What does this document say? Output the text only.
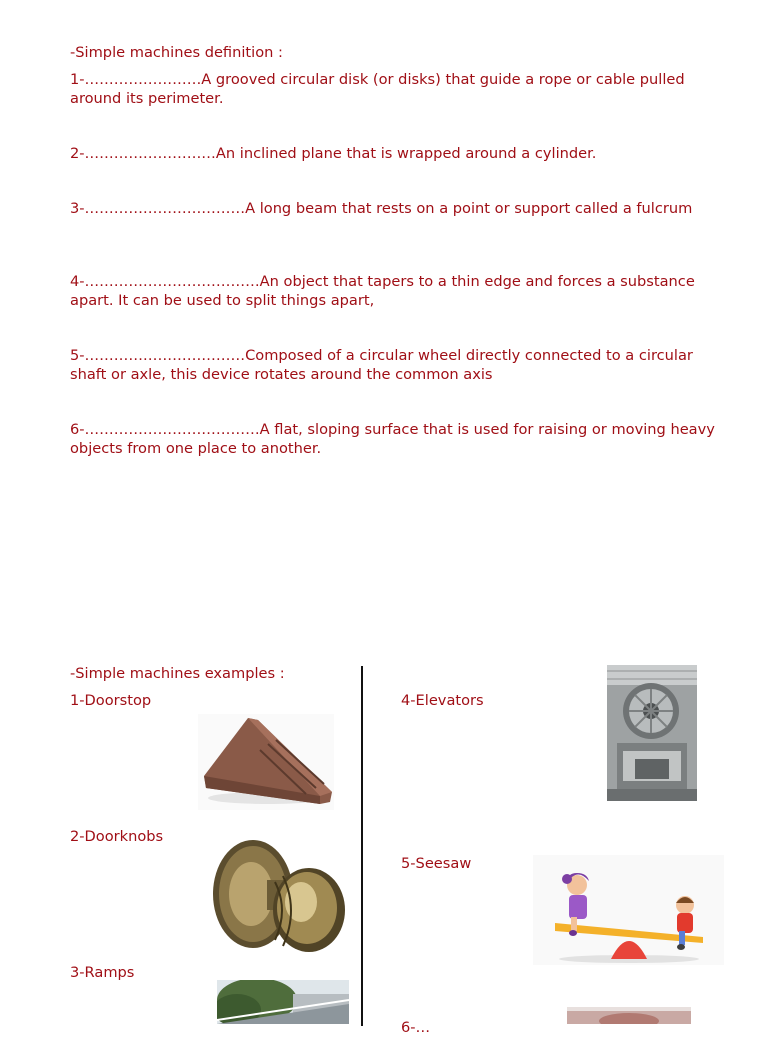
-Simple machines definition :

1-……………………A grooved circular disk (or disks) that guide a rope or cable pulled around its perimeter.

2-………………………An inclined plane that is wrapped around a cylinder.

3-……………………………A long beam that rests on a point or support called a fulcrum

4-………………………………An object that tapers to a thin edge and forces a substance apart. It can be used to split things apart,

5-……………………………Composed of a circular wheel directly connected to a circular shaft or axle, this device rotates around the common axis

6-………………………………A flat, sloping surface that is used for raising or moving heavy objects from one place to another.

-Simple machines examples :

1-Doorstop

2-Doorknobs

3-Ramps

4-Elevators

5-Seesaw

6-…
